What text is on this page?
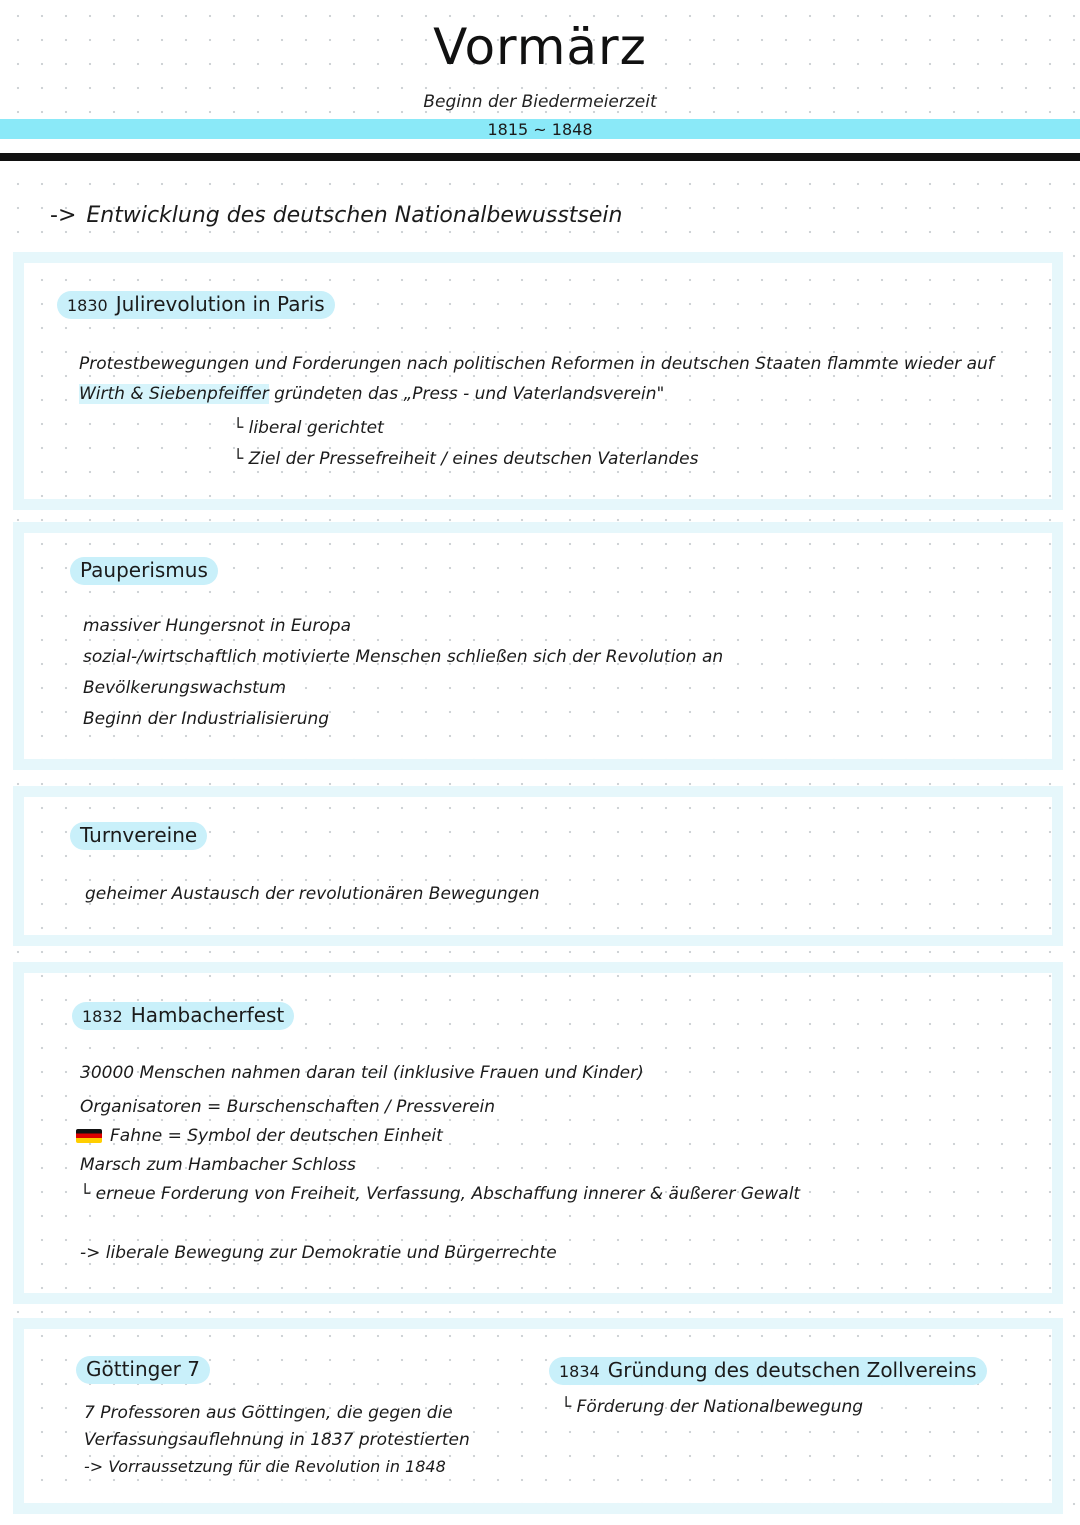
Vormärz
Beginn der Biedermeierzeit
1815 ~ 1848
-> Entwicklung des deutschen Nationalbewusstsein
1830 Julirevolution in Paris
Protestbewegungen und Forderungen nach politischen Reformen in deutschen Staaten flammte wieder auf
Wirth & Siebenpfeiffer gründeten das „Press - und Vaterlandsverein"
└ liberal gerichtet
└ Ziel der Pressefreiheit / eines deutschen Vaterlandes
Pauperismus
massiver Hungersnot in Europa
sozial-/wirtschaftlich motivierte Menschen schließen sich der Revolution an
Bevölkerungswachstum
Beginn der Industrialisierung
Turnvereine
geheimer Austausch der revolutionären Bewegungen
1832 Hambacherfest
30000 Menschen nahmen daran teil (inklusive Frauen und Kinder)
Organisatoren = Burschenschaften / Pressverein
Fahne = Symbol der deutschen Einheit
Marsch zum Hambacher Schloss
└ erneue Forderung von Freiheit, Verfassung, Abschaffung innerer & äußerer Gewalt
-> liberale Bewegung zur Demokratie und Bürgerrechte
Göttinger 7
7 Professoren aus Göttingen, die gegen die
Verfassungsauflehnung in 1837 protestierten
-> Vorraussetzung für die Revolution in 1848
1834 Gründung des deutschen Zollvereins
└ Förderung der Nationalbewegung
